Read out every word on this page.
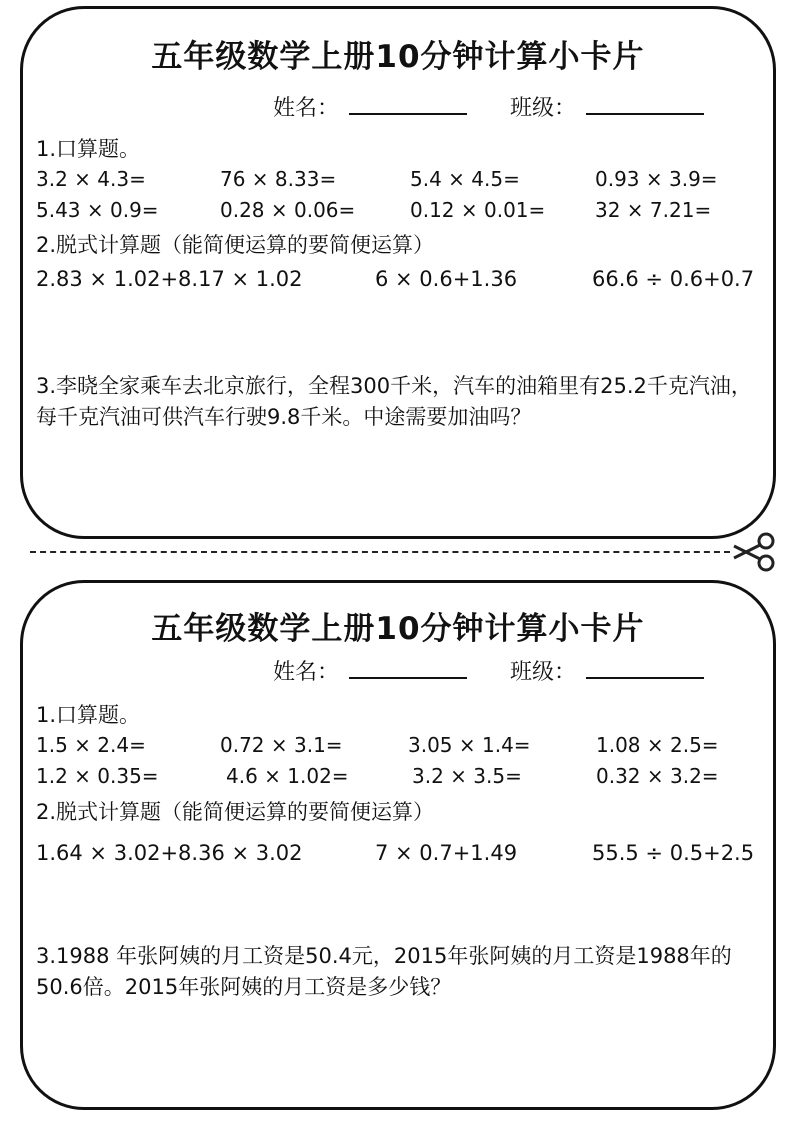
五年级数学上册10分钟计算小卡片
姓名：	班级：
1.口算题。
3.2 × 4.3=	76 × 8.33=	5.4 × 4.5=	0.93 × 3.9=
5.43 × 0.9=	0.28 × 0.06=	0.12 × 0.01= 32 × 7.21=
2.脱式计算题（能简便运算的要简便运算）
2.83 × 1.02+8.17 × 1.02	6 × 0.6+1.36	66.6 ÷ 0.6+0.7
3.李晓全家乘车去北京旅行，全程300千米，汽车的油箱里有25.2千克汽油，每千克汽油可供汽车行驶9.8千米。中途需要加油吗？
五年级数学上册10分钟计算小卡片
姓名：	班级：
1.口算题。
1.5 × 2.4=	0.72 × 3.1=	3.05 × 1.4=	1.08 × 2.5=
1.2 × 0.35=	4.6 × 1.02=	3.2 × 3.5=	0.32 × 3.2=
2.脱式计算题（能简便运算的要简便运算）
1.64 × 3.02+8.36 × 3.02	7 × 0.7+1.49	55.5 ÷ 0.5+2.5
3.1988 年张阿姨的月工资是50.4元，2015年张阿姨的月工资是1988年的50.6倍。2015年张阿姨的月工资是多少钱？
